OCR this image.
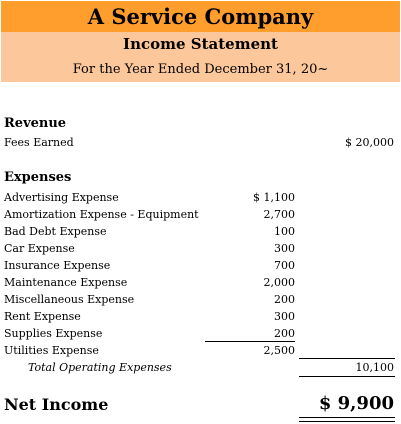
A Service Company
Income Statement
For the Year Ended December 31, 20~
Revenue
Fees Earned	$ 20,000
Expenses
Advertising Expense	$ 1,100
Amortization Expense - Equipment	2,700
Bad Debt Expense	100
Car Expense	300
Insurance Expense	700
Maintenance Expense	2,000
Miscellaneous Expense	200
Rent Expense	300
Supplies Expense	200
Utilities Expense	2,500
Total Operating Expenses	10,100
Net Income	$ 9,900
